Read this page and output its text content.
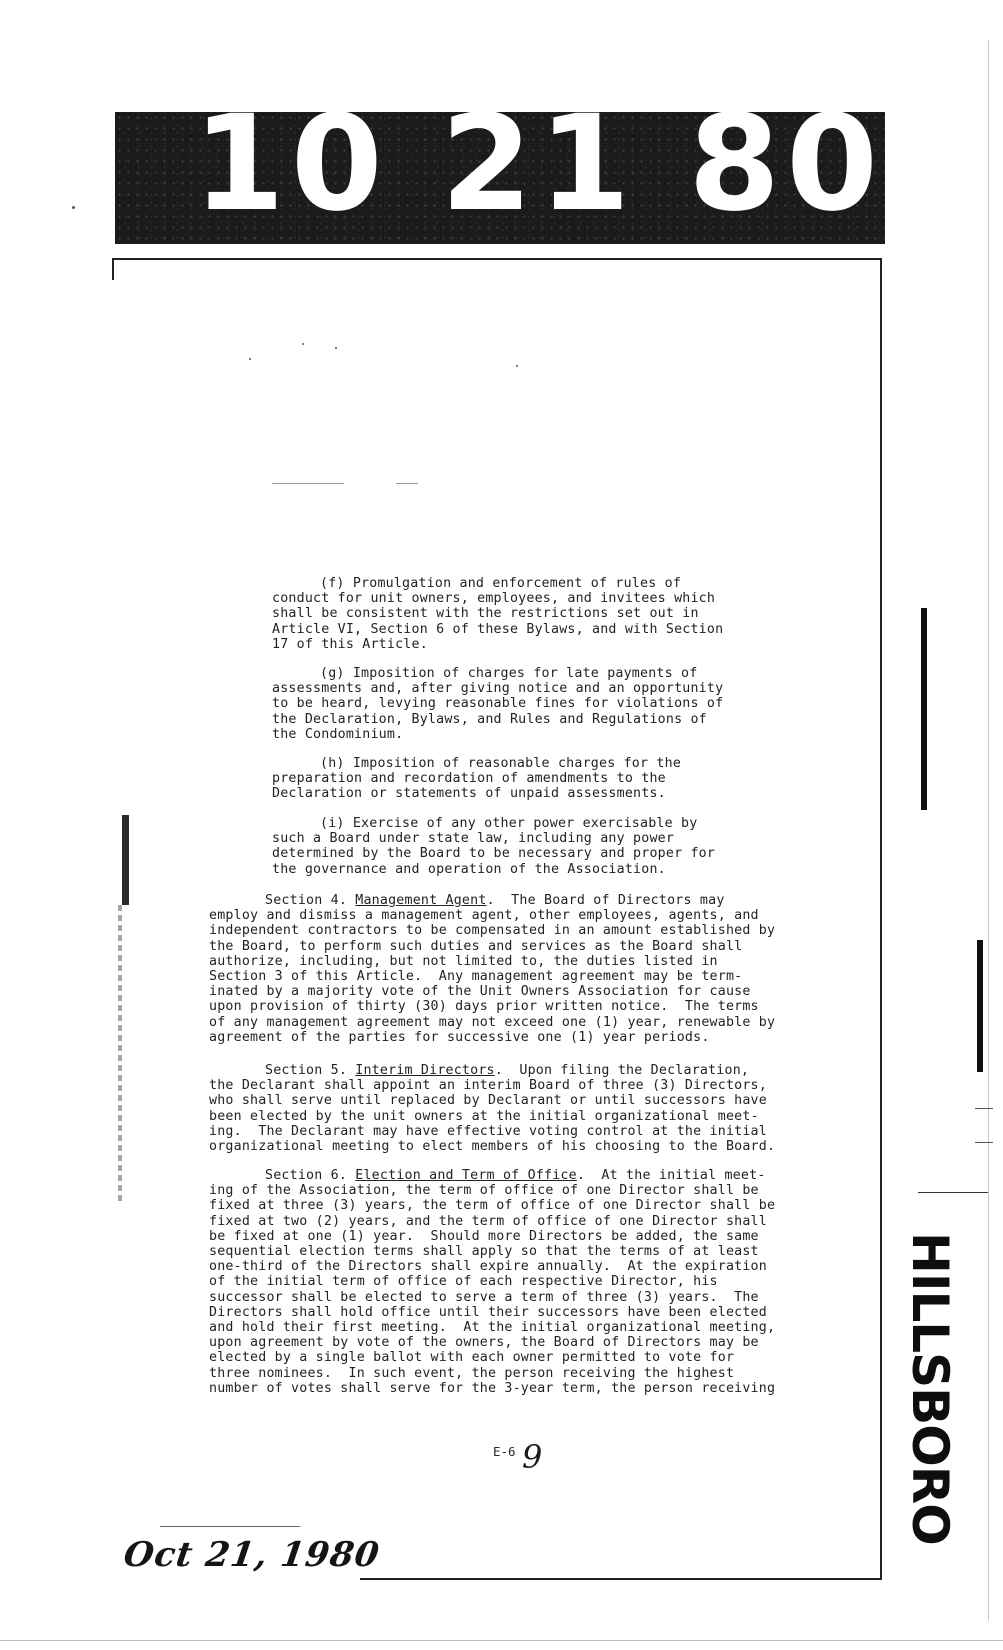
10 21 80
HILLSBORO
(f) Promulgation and enforcement of rules of
conduct for unit owners, employees, and invitees which
shall be consistent with the restrictions set out in
Article VI, Section 6 of these Bylaws, and with Section
17 of this Article.
(g) Imposition of charges for late payments of
assessments and, after giving notice and an opportunity
to be heard, levying reasonable fines for violations of
the Declaration, Bylaws, and Rules and Regulations of
the Condominium.
(h) Imposition of reasonable charges for the
preparation and recordation of amendments to the
Declaration or statements of unpaid assessments.
(i) Exercise of any other power exercisable by
such a Board under state law, including any power
determined by the Board to be necessary and proper for
the governance and operation of the Association.
Section 4. Management Agent.  The Board of Directors may
employ and dismiss a management agent, other employees, agents, and
independent contractors to be compensated in an amount established by
the Board, to perform such duties and services as the Board shall
authorize, including, but not limited to, the duties listed in
Section 3 of this Article.  Any management agreement may be term-
inated by a majority vote of the Unit Owners Association for cause
upon provision of thirty (30) days prior written notice.  The terms
of any management agreement may not exceed one (1) year, renewable by
agreement of the parties for successive one (1) year periods.
Section 5. Interim Directors.  Upon filing the Declaration,
the Declarant shall appoint an interim Board of three (3) Directors,
who shall serve until replaced by Declarant or until successors have
been elected by the unit owners at the initial organizational meet-
ing.  The Declarant may have effective voting control at the initial
organizational meeting to elect members of his choosing to the Board.
Section 6. Election and Term of Office.  At the initial meet-
ing of the Association, the term of office of one Director shall be
fixed at three (3) years, the term of office of one Director shall be
fixed at two (2) years, and the term of office of one Director shall
be fixed at one (1) year.  Should more Directors be added, the same
sequential election terms shall apply so that the terms of at least
one-third of the Directors shall expire annually.  At the expiration
of the initial term of office of each respective Director, his
successor shall be elected to serve a term of three (3) years.  The
Directors shall hold office until their successors have been elected
and hold their first meeting.  At the initial organizational meeting,
upon agreement by vote of the owners, the Board of Directors may be
elected by a single ballot with each owner permitted to vote for
three nominees.  In such event, the person receiving the highest
number of votes shall serve for the 3-year term, the person receiving
E-6 9
Oct 21, 1980
